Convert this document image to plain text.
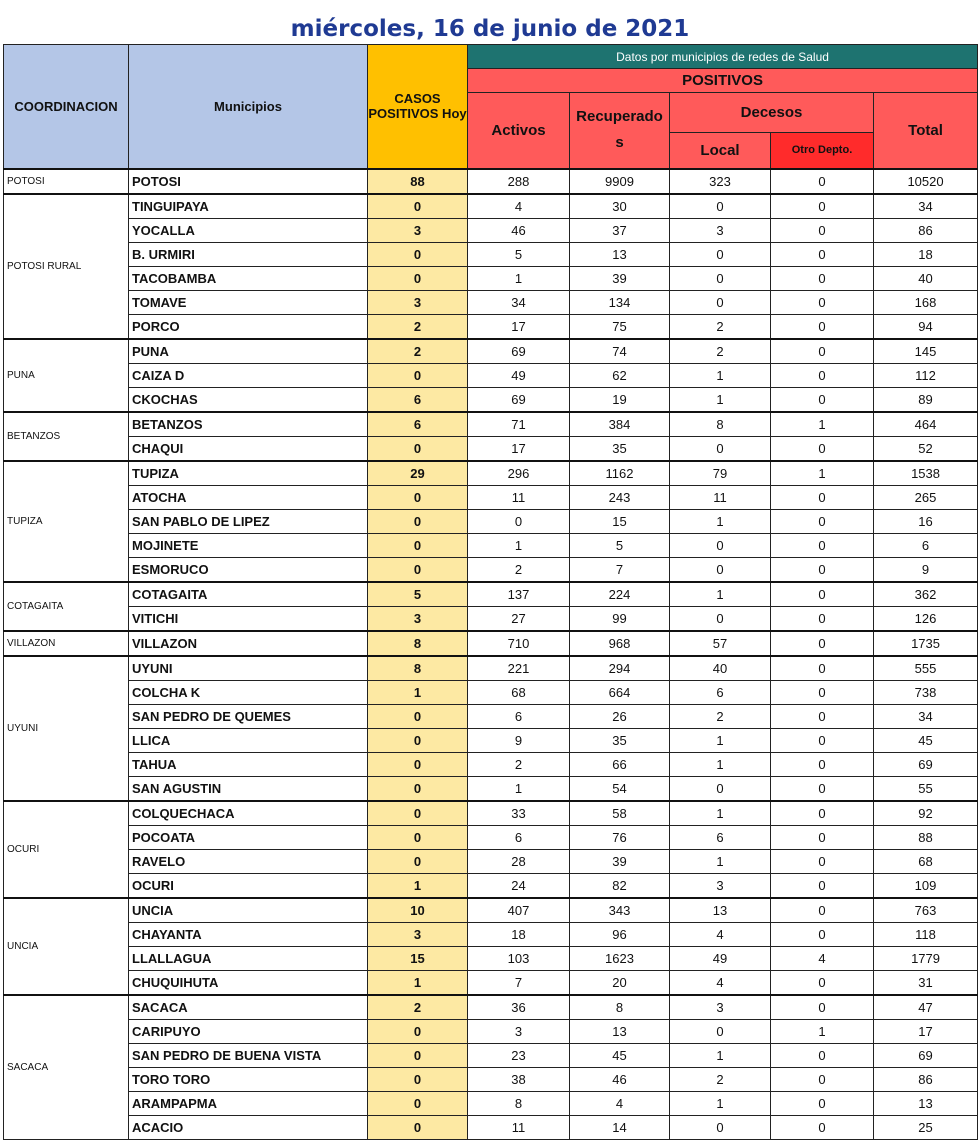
miércoles, 16 de junio de 2021
COORDINACION	Municipios	CASOS POSITIVOS Hoy	Datos por municipios de redes de Salud				
			POSITIVOS				
			Activos	Recuperado s	Decesos		Total
					Local	Otro Depto.	
POTOSI	POTOSI	88	288	9909	323	0	10520
POTOSI RURAL	TINGUIPAYA	0	4	30	0	0	34
	YOCALLA	3	46	37	3	0	86
	B. URMIRI	0	5	13	0	0	18
	TACOBAMBA	0	1	39	0	0	40
	TOMAVE	3	34	134	0	0	168
	PORCO	2	17	75	2	0	94
PUNA	PUNA	2	69	74	2	0	145
	CAIZA D	0	49	62	1	0	112
	CKOCHAS	6	69	19	1	0	89
BETANZOS	BETANZOS	6	71	384	8	1	464
	CHAQUI	0	17	35	0	0	52
TUPIZA	TUPIZA	29	296	1162	79	1	1538
	ATOCHA	0	11	243	11	0	265
	SAN PABLO DE LIPEZ	0	0	15	1	0	16
	MOJINETE	0	1	5	0	0	6
	ESMORUCO	0	2	7	0	0	9
COTAGAITA	COTAGAITA	5	137	224	1	0	362
	VITICHI	3	27	99	0	0	126
VILLAZON	VILLAZON	8	710	968	57	0	1735
UYUNI	UYUNI	8	221	294	40	0	555
	COLCHA K	1	68	664	6	0	738
	SAN PEDRO DE QUEMES	0	6	26	2	0	34
	LLICA	0	9	35	1	0	45
	TAHUA	0	2	66	1	0	69
	SAN AGUSTIN	0	1	54	0	0	55
OCURI	COLQUECHACA	0	33	58	1	0	92
	POCOATA	0	6	76	6	0	88
	RAVELO	0	28	39	1	0	68
	OCURI	1	24	82	3	0	109
UNCIA	UNCIA	10	407	343	13	0	763
	CHAYANTA	3	18	96	4	0	118
	LLALLAGUA	15	103	1623	49	4	1779
	CHUQUIHUTA	1	7	20	4	0	31
SACACA	SACACA	2	36	8	3	0	47
	CARIPUYO	0	3	13	0	1	17
	SAN PEDRO DE BUENA VISTA	0	23	45	1	0	69
	TORO TORO	0	38	46	2	0	86
	ARAMPAPMA	0	8	4	1	0	13
	ACACIO	0	11	14	0	0	25
